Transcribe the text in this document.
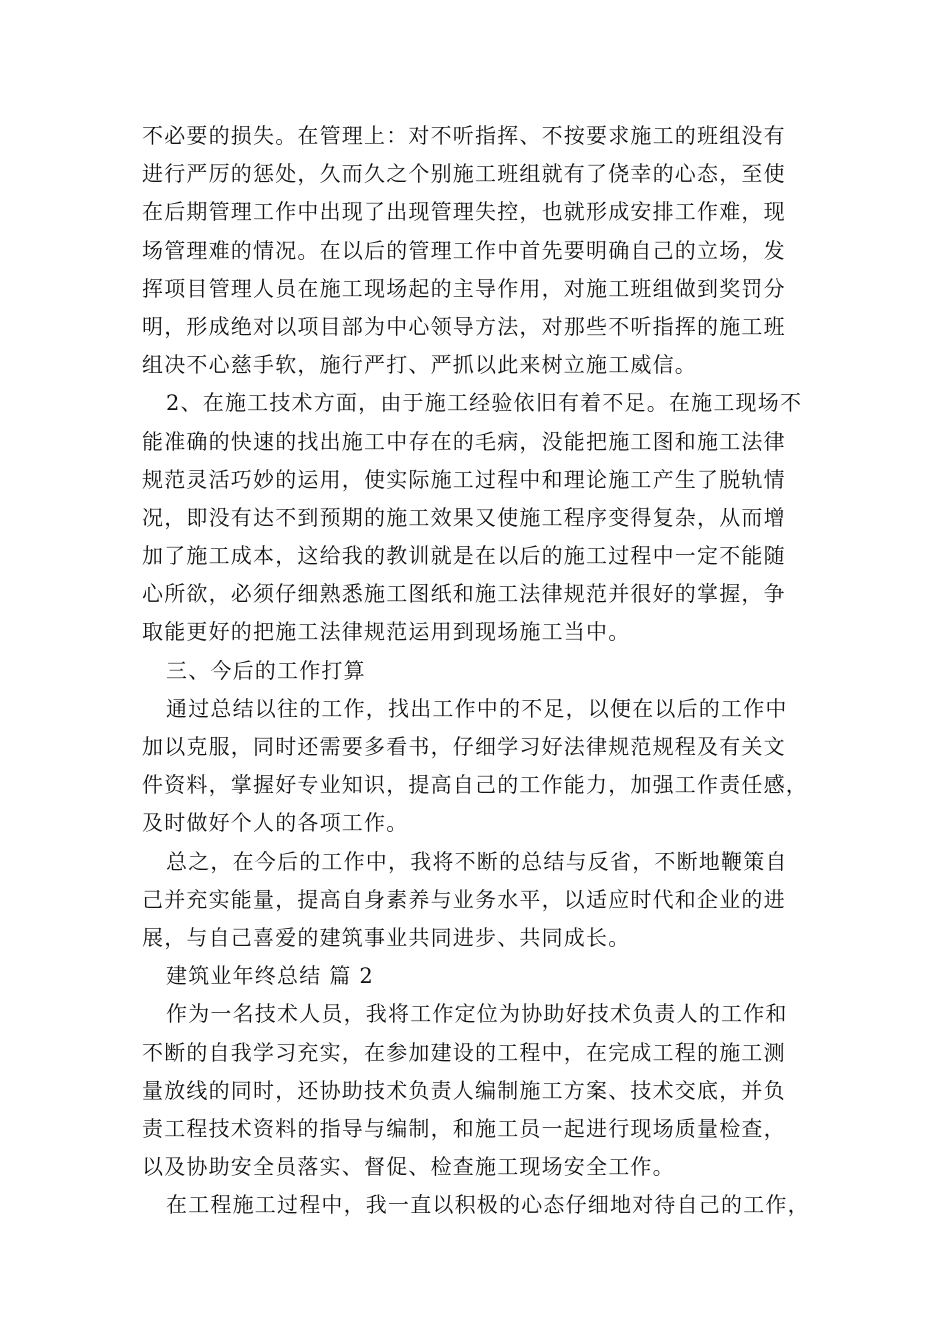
不必要的损失。在管理上：对不听指挥、不按要求施工的班组没有
进行严厉的惩处，久而久之个别施工班组就有了侥幸的心态，至使
在后期管理工作中出现了出现管理失控，也就形成安排工作难，现
场管理难的情况。在以后的管理工作中首先要明确自己的立场，发
挥项目管理人员在施工现场起的主导作用，对施工班组做到奖罚分
明，形成绝对以项目部为中心领导方法，对那些不听指挥的施工班
组决不心慈手软，施行严打、严抓以此来树立施工威信。
2、在施工技术方面，由于施工经验依旧有着不足。在施工现场不
能准确的快速的找出施工中存在的毛病，没能把施工图和施工法律
规范灵活巧妙的运用，使实际施工过程中和理论施工产生了脱轨情
况，即没有达不到预期的施工效果又使施工程序变得复杂，从而增
加了施工成本，这给我的教训就是在以后的施工过程中一定不能随
心所欲，必须仔细熟悉施工图纸和施工法律规范并很好的掌握，争
取能更好的把施工法律规范运用到现场施工当中。
三、今后的工作打算
通过总结以往的工作，找出工作中的不足，以便在以后的工作中
加以克服，同时还需要多看书，仔细学习好法律规范规程及有关文
件资料，掌握好专业知识，提高自己的工作能力，加强工作责任感，
及时做好个人的各项工作。
总之，在今后的工作中，我将不断的总结与反省，不断地鞭策自
己并充实能量，提高自身素养与业务水平，以适应时代和企业的进
展，与自己喜爱的建筑事业共同进步、共同成长。
建筑业年终总结 篇 2
作为一名技术人员，我将工作定位为协助好技术负责人的工作和
不断的自我学习充实，在参加建设的工程中，在完成工程的施工测
量放线的同时，还协助技术负责人编制施工方案、技术交底，并负
责工程技术资料的指导与编制，和施工员一起进行现场质量检查，
以及协助安全员落实、督促、检查施工现场安全工作。
在工程施工过程中，我一直以积极的心态仔细地对待自己的工作，
